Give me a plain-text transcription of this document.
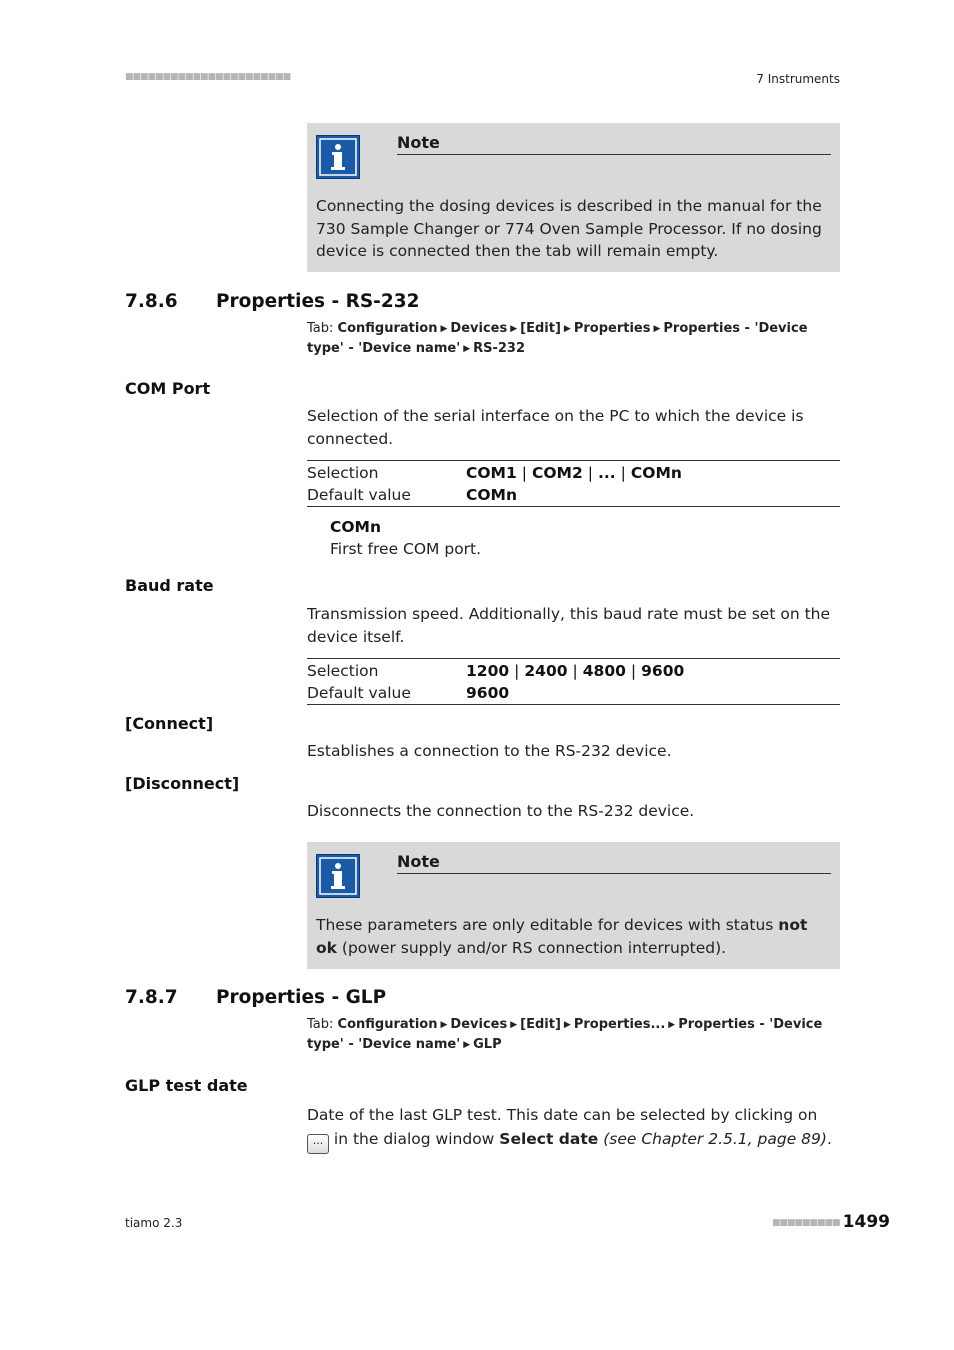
■■■■■■■■■■■■■■■■■■■■■■	7 Instruments
Note
Connecting the dosing devices is described in the manual for the 730 Sample Changer or 774 Oven Sample Processor. If no dosing device is connected then the tab will remain empty.
7.8.6 Properties - RS-232
Tab: Configuration ▶ Devices ▶ [Edit] ▶ Properties ▶ Properties - 'Device type' - 'Device name' ▶ RS-232
COM Port
Selection of the serial interface on the PC to which the device is connected.
Selection	COM1 | COM2 | ... | COMn
Default value	COMn
COMn
First free COM port.
Baud rate
Transmission speed. Additionally, this baud rate must be set on the device itself.
Selection	1200 | 2400 | 4800 | 9600
Default value	9600
[Connect]
Establishes a connection to the RS-232 device.
[Disconnect]
Disconnects the connection to the RS-232 device.
Note
These parameters are only editable for devices with status not ok (power supply and/or RS connection interrupted).
7.8.7 Properties - GLP
Tab: Configuration ▶ Devices ▶ [Edit] ▶ Properties... ▶ Properties - 'Device type' - 'Device name' ▶ GLP
GLP test date
Date of the last GLP test. This date can be selected by clicking on ... in the dialog window Select date (see Chapter 2.5.1, page 89).
tiamo 2.3	■■■■■■■■■ 1499
